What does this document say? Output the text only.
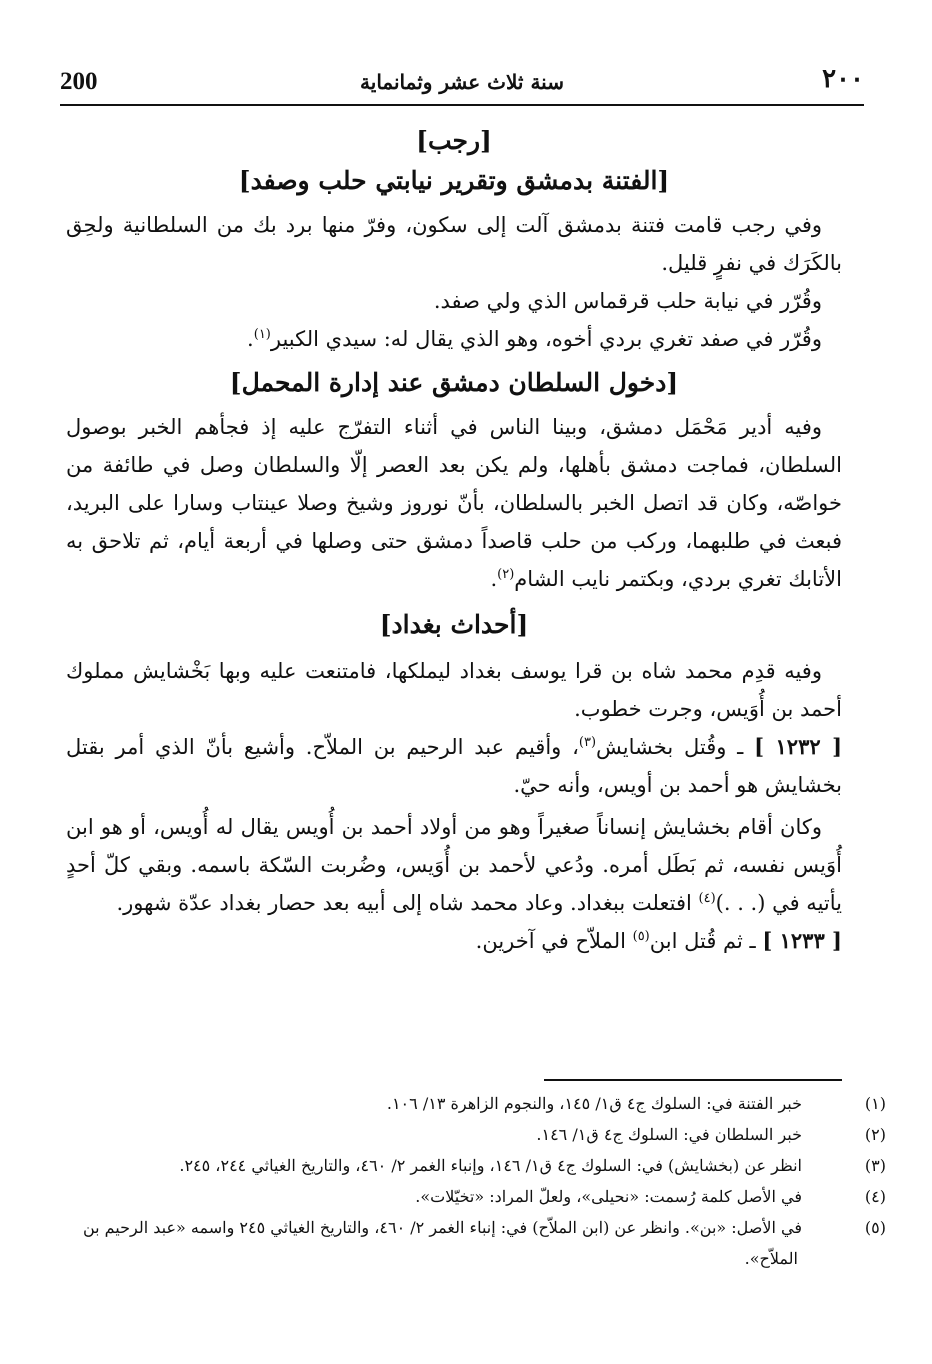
200	سنة ثلاث عشر وثمانماية	٢٠٠
[رجب]
[الفتنة بدمشق وتقرير نيابتي حلب وصفد]

وفي رجب قامت فتنة بدمشق آلت إلى سكون، وفرّ منها برد بك من السلطانية ولحِق بالكَرَك في نفرٍ قليل.

وقُرّر في نيابة حلب قرقماس الذي ولي صفد.

وقُرّر في صفد تغري بردي أخوه، وهو الذي يقال له: سيدي الكبير$^{(١)}$.

[دخول السلطان دمشق عند إدارة المحمل]

وفيه أدير مَحْمَل دمشق، وبينا الناس في أثناء التفرّج عليه إذ فجأهم الخبر بوصول السلطان، فماجت دمشق بأهلها، ولم يكن بعد العصر إلّا والسلطان وصل في طائفة من خواصّه، وكان قد اتصل الخبر بالسلطان، بأنّ نوروز وشيخ وصلا عينتاب وسارا على البريد، فبعث في طلبهما، وركب من حلب قاصداً دمشق حتى وصلها في أربعة أيام، ثم تلاحق به الأتابك تغري بردي، وبكتمر نايب الشام$^{(٢)}$.

[أحداث بغداد]

وفيه قدِم محمد شاه بن قرا يوسف بغداد ليملكها، فامتنعت عليه وبها بَخْشايش مملوك أحمد بن أُوَيس، وجرت خطوب.

[ ١٢٣٢ ] ـ وقُتل بخشايش$^{(٣)}$، وأقيم عبد الرحيم بن الملاّح. وأشيع بأنّ الذي أمر بقتل بخشايش هو أحمد بن أويس، وأنه حيّ.

وكان أقام بخشايش إنساناً صغيراً وهو من أولاد أحمد بن أُويس يقال له أُويس، أو هو ابن أُوَيس نفسه، ثم بَطَل أمره. ودُعي لأحمد بن أُوَيس، وضُربت السّكة باسمه. وبقي كلّ أحدٍ يأتيه في (. . .)$^{(٤)}$ افتعلت ببغداد. وعاد محمد شاه إلى أبيه بعد حصار بغداد عدّة شهور.

[ ١٢٣٣ ] ـ ثم قُتل ابن$^{(٥)}$ الملاّح في آخرين.

(١)خبر الفتنة في: السلوك ج٤ ق١/ ١٤٥، والنجوم الزاهرة ١٣/ ١٠٦.

(٢)خبر السلطان في: السلوك ج٤ ق١/ ١٤٦.

(٣)انظر عن (بخشايش) في: السلوك ج٤ ق١/ ١٤٦، وإنباء الغمر ٢/ ٤٦٠، والتاريخ الغياثي ٢٤٤، ٢٤٥.

(٤)في الأصل كلمة رُسمت: «نحيلى»، ولعلّ المراد: «تخيّلات».

(٥)في الأصل: «بن». وانظر عن (ابن الملاّح) في: إنباء الغمر ٢/ ٤٦٠، والتاريخ الغياثي ٢٤٥ واسمه «عبد الرحيم بن الملاّح».
